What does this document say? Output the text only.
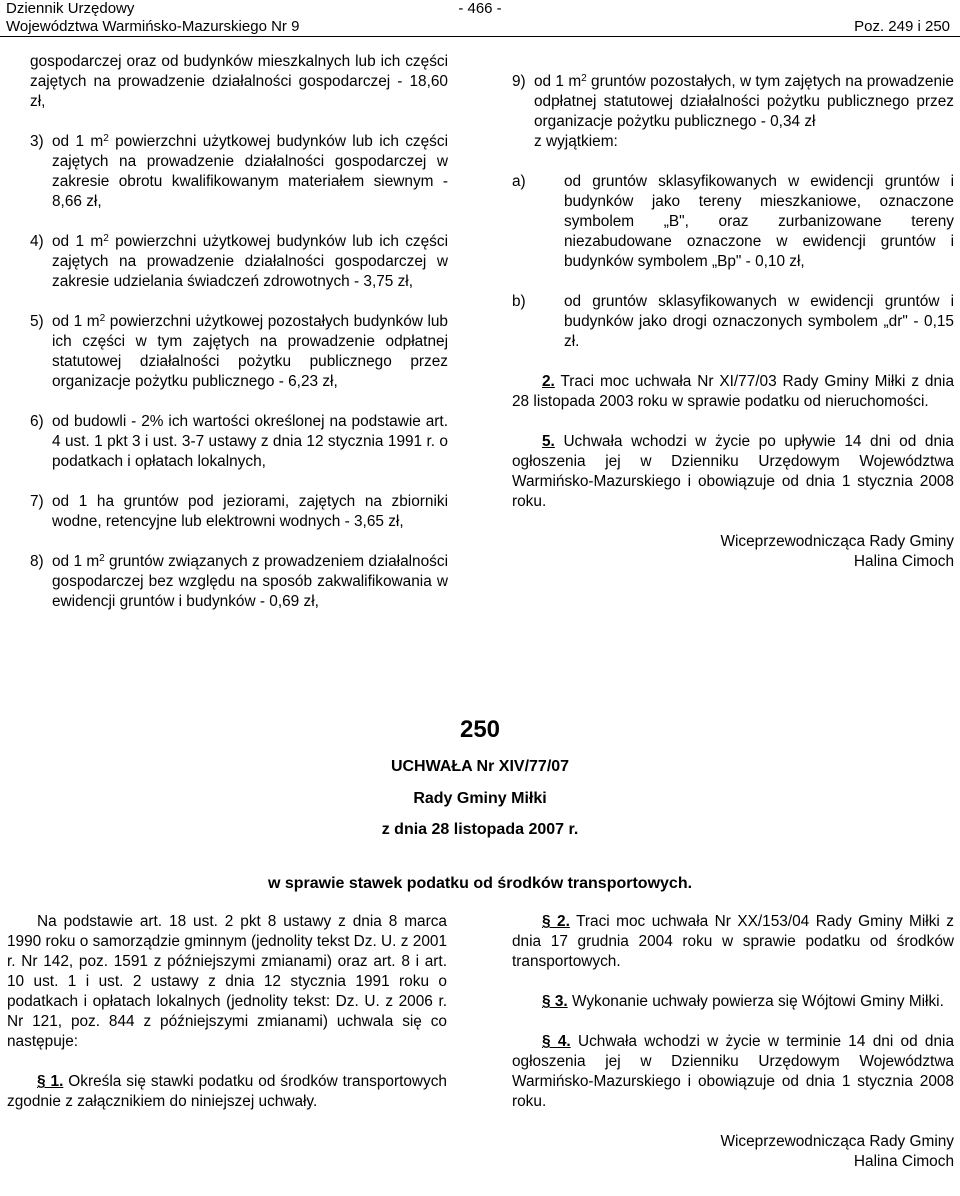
Dziennik Urzędowy
Województwa Warmińsko-Mazurskiego Nr 9
- 466 -
Poz. 249 i 250
gospodarczej oraz od budynków mieszkalnych lub ich części zajętych na prowadzenie działalności gospodarczej - 18,60 zł,
3) od 1 $m^2$ powierzchni użytkowej budynków lub ich części zajętych na prowadzenie działalności gospodarczej w zakresie obrotu kwalifikowanym materiałem siewnym - 8,66 zł,
4) od 1 $m^2$ powierzchni użytkowej budynków lub ich części zajętych na prowadzenie działalności gospodarczej w zakresie udzielania świadczeń zdrowotnych - 3,75 zł,
5) od 1 $m^2$ powierzchni użytkowej pozostałych budynków lub ich części w tym zajętych na prowadzenie odpłatnej statutowej działalności pożytku publicznego przez organizacje pożytku publicznego - 6,23 zł,
6) od budowli - 2% ich wartości określonej na podstawie art. 4 ust. 1 pkt 3 i ust. 3-7 ustawy z dnia 12 stycznia 1991 r. o podatkach i opłatach lokalnych,
7) od 1 ha gruntów pod jeziorami, zajętych na zbiorniki wodne, retencyjne lub elektrowni wodnych - 3,65 zł,
8) od 1 $m^2$ gruntów związanych z prowadzeniem działalności gospodarczej bez względu na sposób zakwalifikowania w ewidencji gruntów i budynków - 0,69 zł,
9) od 1 $m^2$ gruntów pozostałych, w tym zajętych na prowadzenie odpłatnej statutowej działalności pożytku publicznego przez organizacje pożytku publicznego - 0,34 zł
z wyjątkiem:
a)	od gruntów sklasyfikowanych w ewidencji gruntów i budynków jako tereny mieszkaniowe, oznaczone symbolem „B", oraz zurbanizowane tereny niezabudowane oznaczone w ewidencji gruntów i budynków symbolem „Bp" - 0,10 zł,
b)	od gruntów sklasyfikowanych w ewidencji gruntów i budynków jako drogi oznaczonych symbolem „dr" - 0,15 zł.
2. Traci moc uchwała Nr XI/77/03 Rady Gminy Miłki z dnia 28 listopada 2003 roku w sprawie podatku od nieruchomości.
5. Uchwała wchodzi w życie po upływie 14 dni od dnia ogłoszenia jej w Dzienniku Urzędowym Województwa Warmińsko-Mazurskiego i obowiązuje od dnia 1 stycznia 2008 roku.
Wiceprzewodnicząca Rady Gminy
Halina Cimoch
250
UCHWAŁA Nr XIV/77/07
Rady Gminy Miłki
z dnia 28 listopada 2007 r.
w sprawie stawek podatku od środków transportowych.
Na podstawie art. 18 ust. 2 pkt 8 ustawy z dnia 8 marca 1990 roku o samorządzie gminnym (jednolity tekst Dz. U. z 2001 r. Nr 142, poz. 1591 z późniejszymi zmianami) oraz art. 8 i art. 10 ust. 1 i ust. 2 ustawy z dnia 12 stycznia 1991 roku o podatkach i opłatach lokalnych (jednolity tekst: Dz. U. z 2006 r. Nr 121, poz. 844 z późniejszymi zmianami) uchwala się co następuje:
§ 1. Określa się stawki podatku od środków transportowych zgodnie z załącznikiem do niniejszej uchwały.
§ 2. Traci moc uchwała Nr XX/153/04 Rady Gminy Miłki z dnia 17 grudnia 2004 roku w sprawie podatku od środków transportowych.
§ 3. Wykonanie uchwały powierza się Wójtowi Gminy Miłki.
§ 4. Uchwała wchodzi w życie w terminie 14 dni od dnia ogłoszenia jej w Dzienniku Urzędowym Województwa Warmińsko-Mazurskiego i obowiązuje od dnia 1 stycznia 2008 roku.
Wiceprzewodnicząca Rady Gminy
Halina Cimoch
